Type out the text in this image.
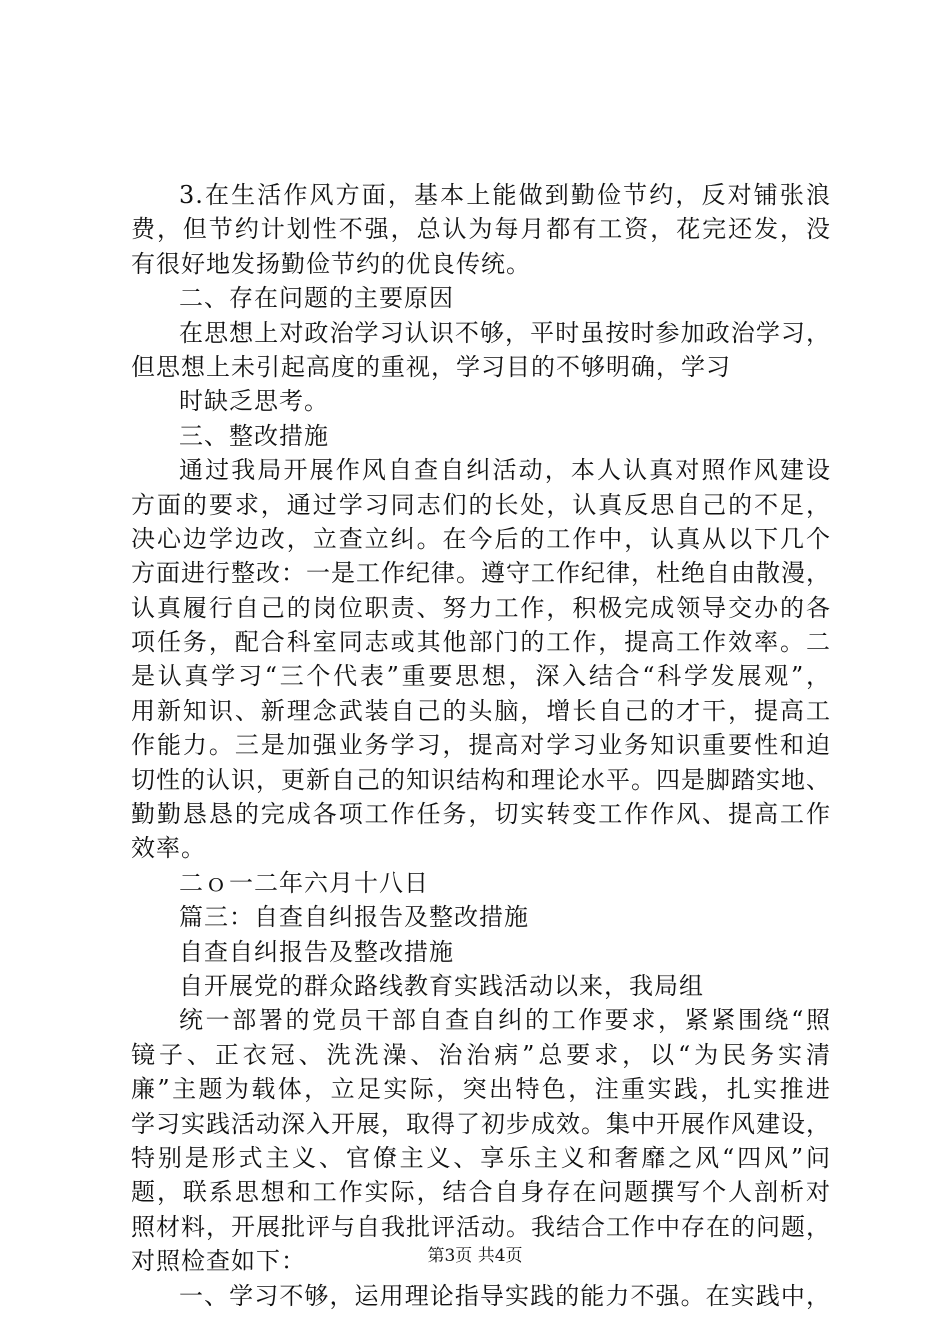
3.在生活作风方面，基本上能做到勤俭节约，反对铺张浪
费，但节约计划性不强，总认为每月都有工资，花完还发，没
有很好地发扬勤俭节约的优良传统。
二、存在问题的主要原因
在思想上对政治学习认识不够，平时虽按时参加政治学习，
但思想上未引起高度的重视，学习目的不够明确，学习
时缺乏思考。
三、整改措施
通过我局开展作风自查自纠活动，本人认真对照作风建设
方面的要求，通过学习同志们的长处，认真反思自己的不足，
决心边学边改，立查立纠。在今后的工作中，认真从以下几个
方面进行整改：一是工作纪律。遵守工作纪律，杜绝自由散漫，
认真履行自己的岗位职责、努力工作，积极完成领导交办的各
项任务，配合科室同志或其他部门的工作，提高工作效率。二
是认真学习“三个代表”重要思想，深入结合“科学发展观”，
用新知识、新理念武装自己的头脑，增长自己的才干，提高工
作能力。三是加强业务学习，提高对学习业务知识重要性和迫
切性的认识，更新自己的知识结构和理论水平。四是脚踏实地、
勤勤恳恳的完成各项工作任务，切实转变工作作风、提高工作
效率。
二ｏ一二年六月十八日
篇三：自查自纠报告及整改措施
自查自纠报告及整改措施
自开展党的群众路线教育实践活动以来，我局组
统一部署的党员干部自查自纠的工作要求，紧紧围绕“照
镜子、正衣冠、洗洗澡、治治病”总要求，以“为民务实清
廉”主题为载体，立足实际，突出特色，注重实践，扎实推进
学习实践活动深入开展，取得了初步成效。集中开展作风建设，
特别是形式主义、官僚主义、享乐主义和奢靡之风“四风”问
题，联系思想和工作实际，结合自身存在问题撰写个人剖析对
照材料，开展批评与自我批评活动。我结合工作中存在的问题，
对照检查如下：
一、学习不够，运用理论指导实践的能力不强。在实践中，
第3页 共4页
